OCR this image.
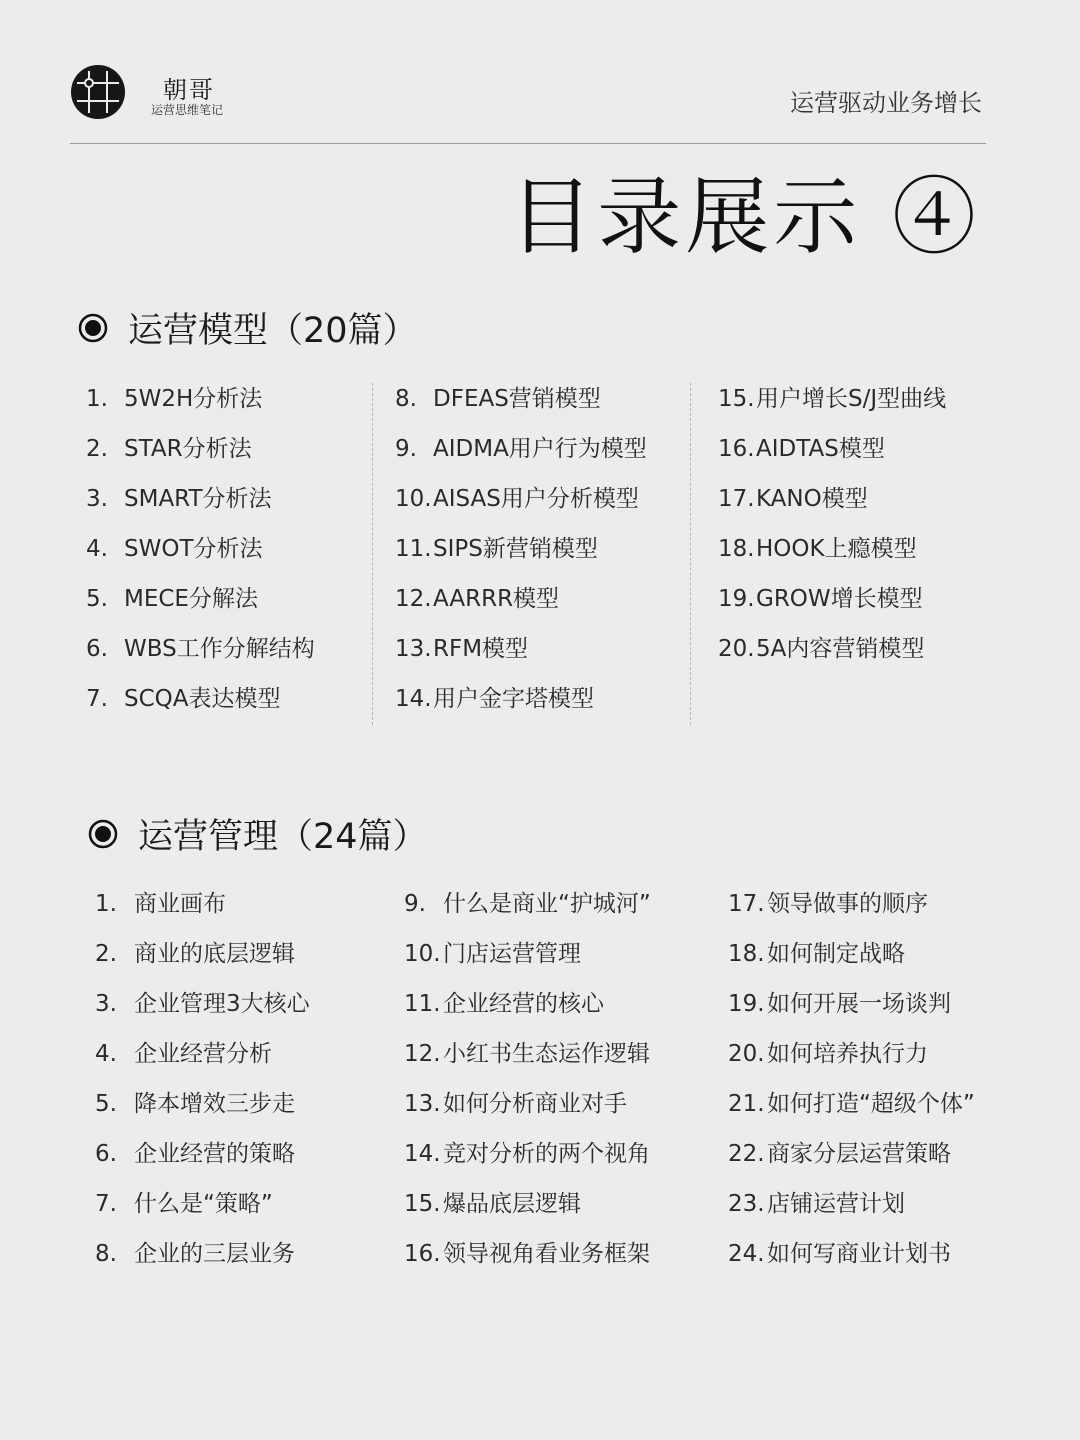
朝哥
运营思维笔记	运营驱动业务增长
目录展示 ④
运营模型（20篇）
1. 5W2H分析法
2. STAR分析法
3. SMART分析法
4. SWOT分析法
5. MECE分解法
6. WBS工作分解结构
7. SCQA表达模型
8. DFEAS营销模型
9. AIDMA用户行为模型
10. AISAS用户分析模型
11. SIPS新营销模型
12. AARRR模型
13. RFM模型
14. 用户金字塔模型
15. 用户增长S/J型曲线
16. AIDTAS模型
17. KANO模型
18. HOOK上瘾模型
19. GROW增长模型
20. 5A内容营销模型
运营管理（24篇）
1. 商业画布
2. 商业的底层逻辑
3. 企业管理3大核心
4. 企业经营分析
5. 降本增效三步走
6. 企业经营的策略
7. 什么是“策略”
8. 企业的三层业务
9. 什么是商业“护城河”
10. 门店运营管理
11. 企业经营的核心
12. 小红书生态运作逻辑
13. 如何分析商业对手
14. 竞对分析的两个视角
15. 爆品底层逻辑
16. 领导视角看业务框架
17. 领导做事的顺序
18. 如何制定战略
19. 如何开展一场谈判
20. 如何培养执行力
21. 如何打造“超级个体”
22. 商家分层运营策略
23. 店铺运营计划
24. 如何写商业计划书
